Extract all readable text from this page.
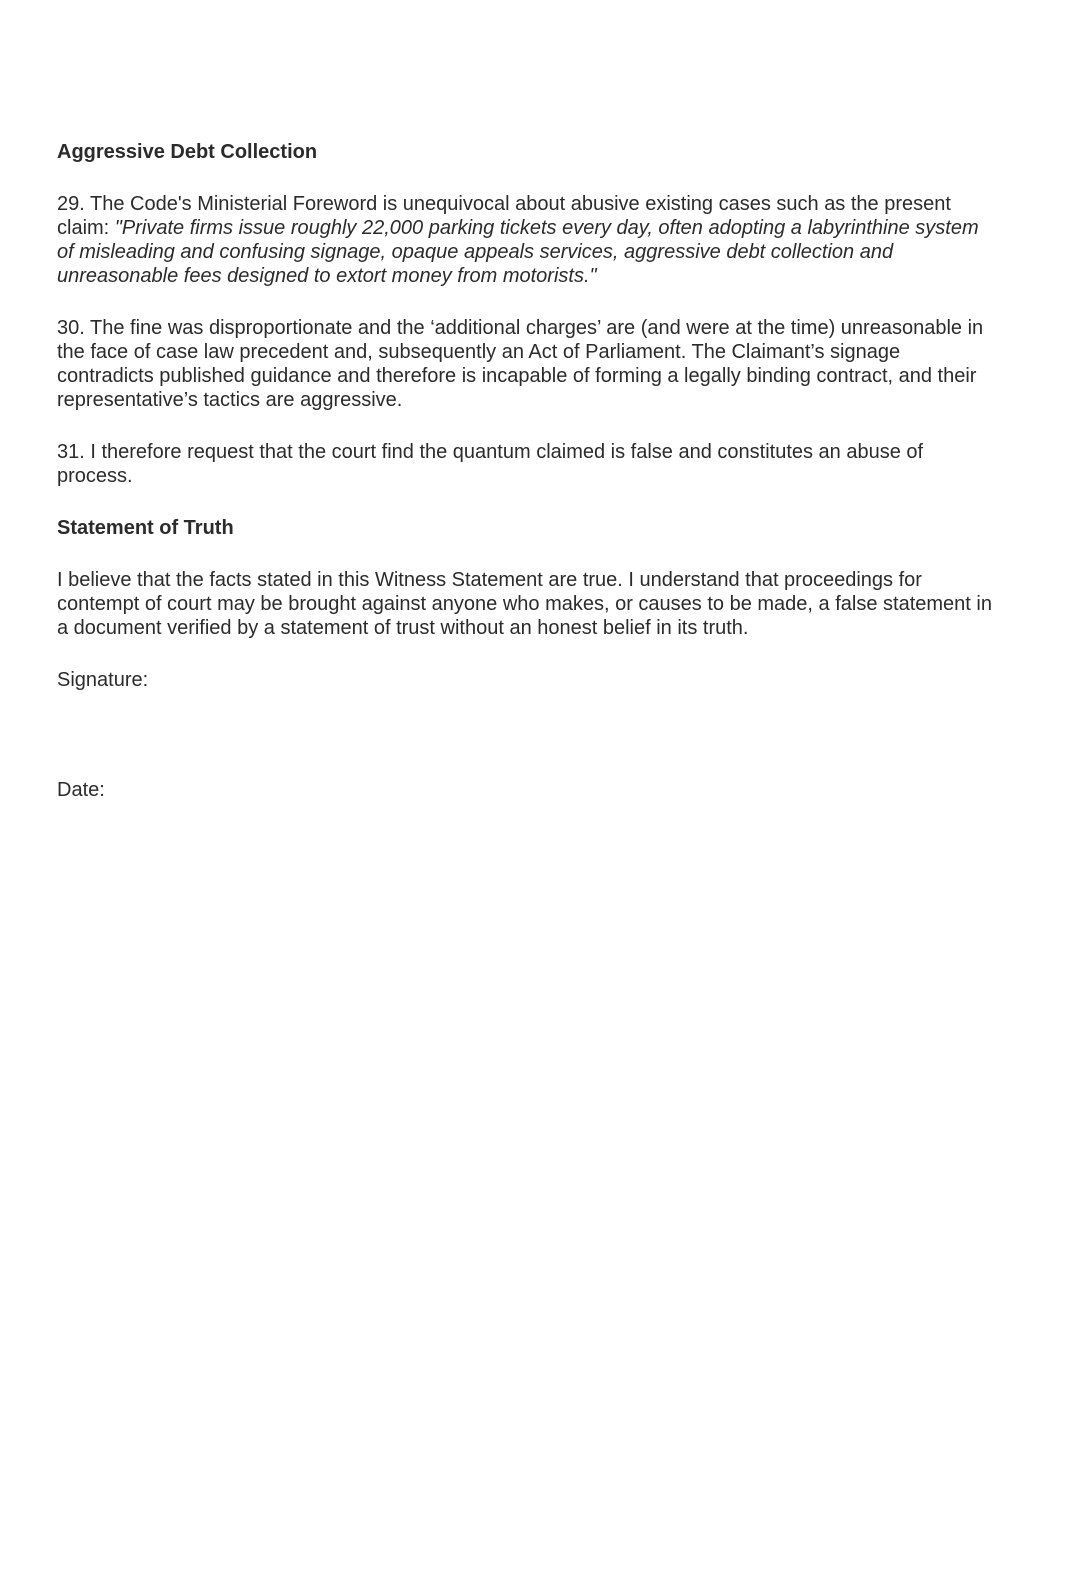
Aggressive Debt Collection

29. The Code's Ministerial Foreword is unequivocal about abusive existing cases such as the present claim: "Private firms issue roughly 22,000 parking tickets every day, often adopting a labyrinthine system of misleading and confusing signage, opaque appeals services, aggressive debt collection and unreasonable fees designed to extort money from motorists."

30. The fine was disproportionate and the ‘additional charges’ are (and were at the time) unreasonable in the face of case law precedent and, subsequently an Act of Parliament. The Claimant’s signage contradicts published guidance and therefore is incapable of forming a legally binding contract, and their representative’s tactics are aggressive.

31. I therefore request that the court find the quantum claimed is false and constitutes an abuse of process.

Statement of Truth

I believe that the facts stated in this Witness Statement are true. I understand that proceedings for contempt of court may be brought against anyone who makes, or causes to be made, a false statement in a document verified by a statement of trust without an honest belief in its truth.

Signature:

Date:
